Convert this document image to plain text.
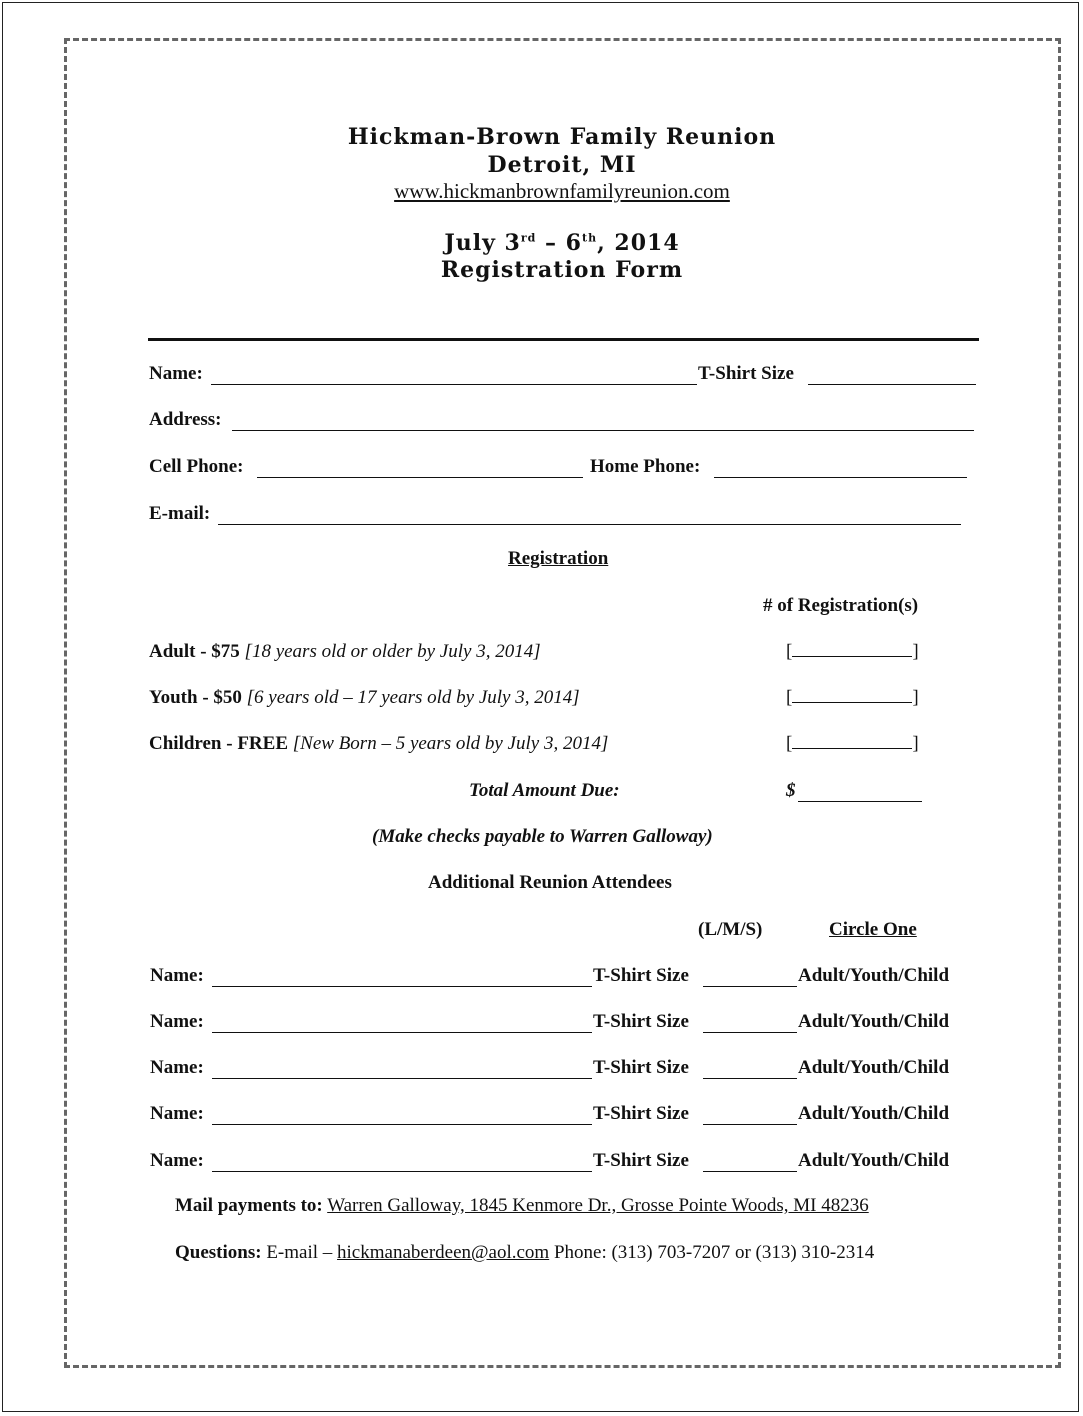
Hickman-Brown Family Reunion
Detroit, MI
www.hickmanbrownfamilyreunion.com
July 3rd – 6th, 2014
Registration Form
Name:	T-Shirt Size
Address:
Cell Phone:	Home Phone:
E-mail:
Registration
# of Registration(s)
Adult - $75 [18 years old or older by July 3, 2014]	[	]
Youth - $50 [6 years old – 17 years old by July 3, 2014]	[	]
Children - FREE [New Born – 5 years old by July 3, 2014]	[	]
Total Amount Due:	$
(Make checks payable to Warren Galloway)
Additional Reunion Attendees
(L/M/S)	Circle One
Name:	T-Shirt Size	Adult/Youth/Child
Name:	T-Shirt Size	Adult/Youth/Child
Name:	T-Shirt Size	Adult/Youth/Child
Name:	T-Shirt Size	Adult/Youth/Child
Name:	T-Shirt Size	Adult/Youth/Child
Mail payments to: Warren Galloway, 1845 Kenmore Dr., Grosse Pointe Woods, MI 48236
Questions: E-mail – hickmanaberdeen@aol.com Phone: (313) 703-7207 or (313) 310-2314
